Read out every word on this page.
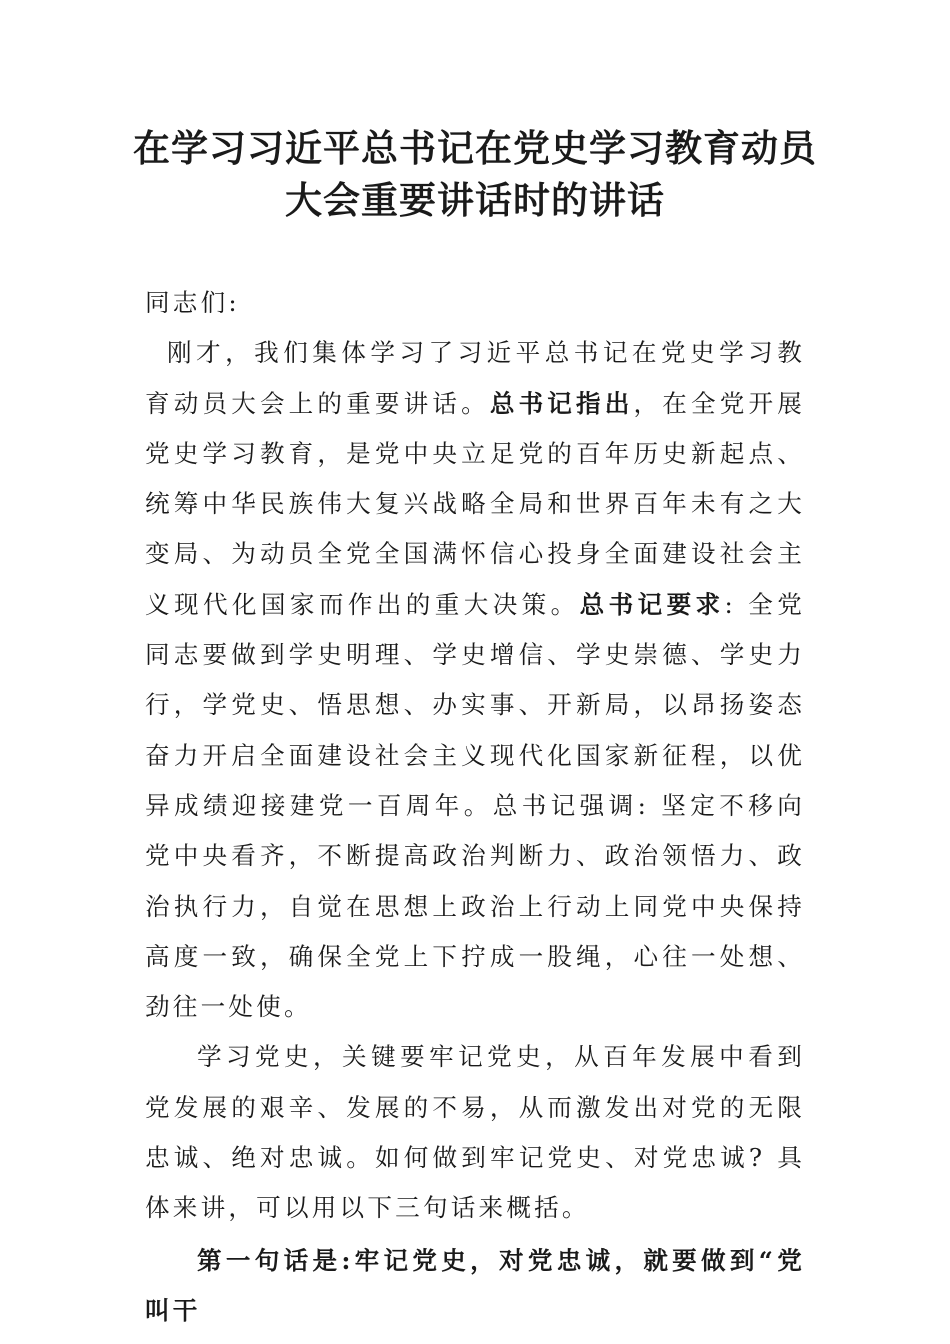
在学习习近平总书记在党史学习教育动员
大会重要讲话时的讲话

同志们:

刚才，我们集体学习了习近平总书记在党史学习教育动员大会上的重要讲话。总书记指出，在全党开展党史学习教育，是党中央立足党的百年历史新起点、统筹中华民族伟大复兴战略全局和世界百年未有之大变局、为动员全党全国满怀信心投身全面建设社会主义现代化国家而作出的重大决策。总书记要求: 全党同志要做到学史明理、学史增信、学史崇德、学史力行，学党史、悟思想、办实事、开新局，以昂扬姿态奋力开启全面建设社会主义现代化国家新征程，以优异成绩迎接建党一百周年。总书记强调: 坚定不移向党中央看齐，不断提高政治判断力、政治领悟力、政治执行力，自觉在思想上政治上行动上同党中央保持高度一致，确保全党上下拧成一股绳，心往一处想、劲往一处使。

学习党史，关键要牢记党史，从百年发展中看到党发展的艰辛、发展的不易，从而激发出对党的无限忠诚、绝对忠诚。如何做到牢记党史、对党忠诚? 具体来讲，可以用以下三句话来概括。

第一句话是:牢记党史，对党忠诚，就要做到“党叫干
